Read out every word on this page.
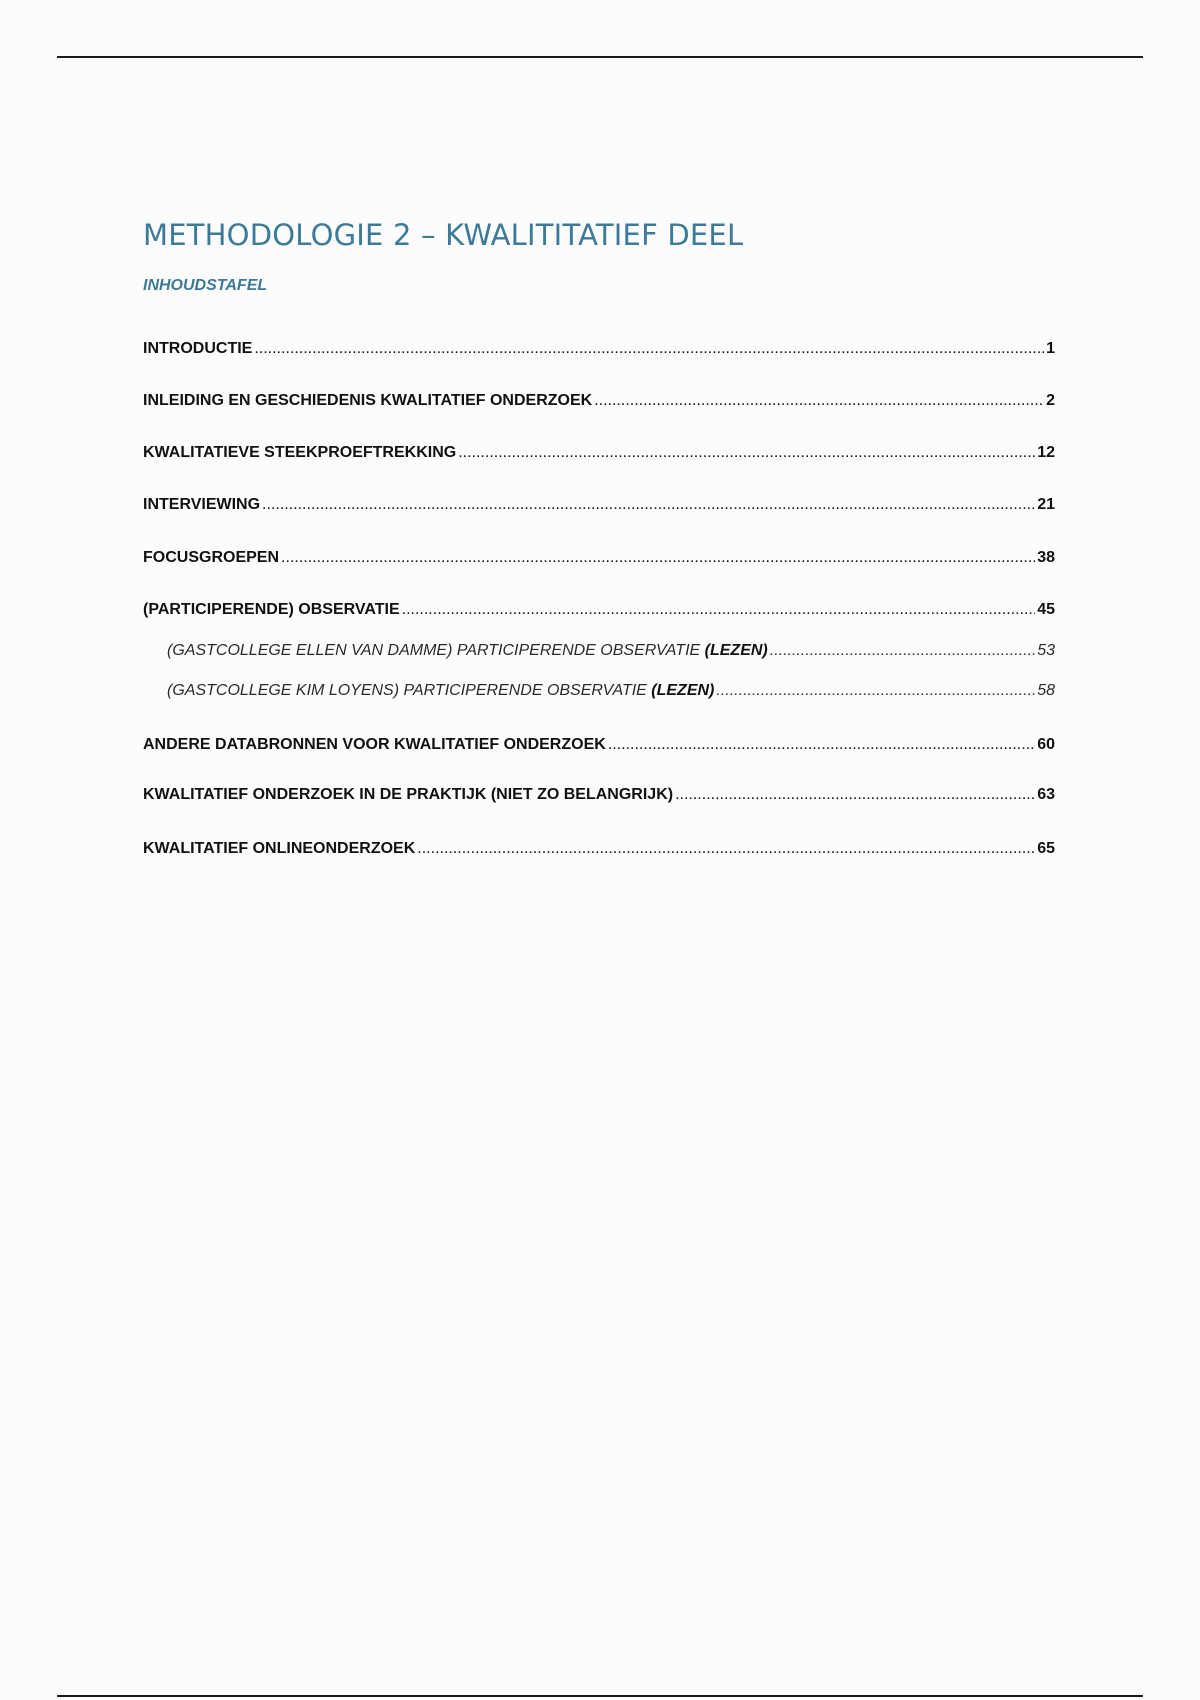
METHODOLOGIE 2 – KWALITITATIEF DEEL
INHOUDSTAFEL
INTRODUCTIE .....	1
INLEIDING EN GESCHIEDENIS KWALITATIEF ONDERZOEK .....	2
KWALITATIEVE STEEKPROEFTREKKING .....	12
INTERVIEWING .....	21
FOCUSGROEPEN .....	38
(PARTICIPERENDE) OBSERVATIE .....	45
(GASTCOLLEGE ELLEN VAN DAMME) PARTICIPERENDE OBSERVATIE (LEZEN) .....	53
(GASTCOLLEGE KIM LOYENS) PARTICIPERENDE OBSERVATIE (LEZEN) .....	58
ANDERE DATABRONNEN VOOR KWALITATIEF ONDERZOEK .....	60
KWALITATIEF ONDERZOEK IN DE PRAKTIJK (NIET ZO BELANGRIJK) .....	63
KWALITATIEF ONLINEONDERZOEK .....	65
